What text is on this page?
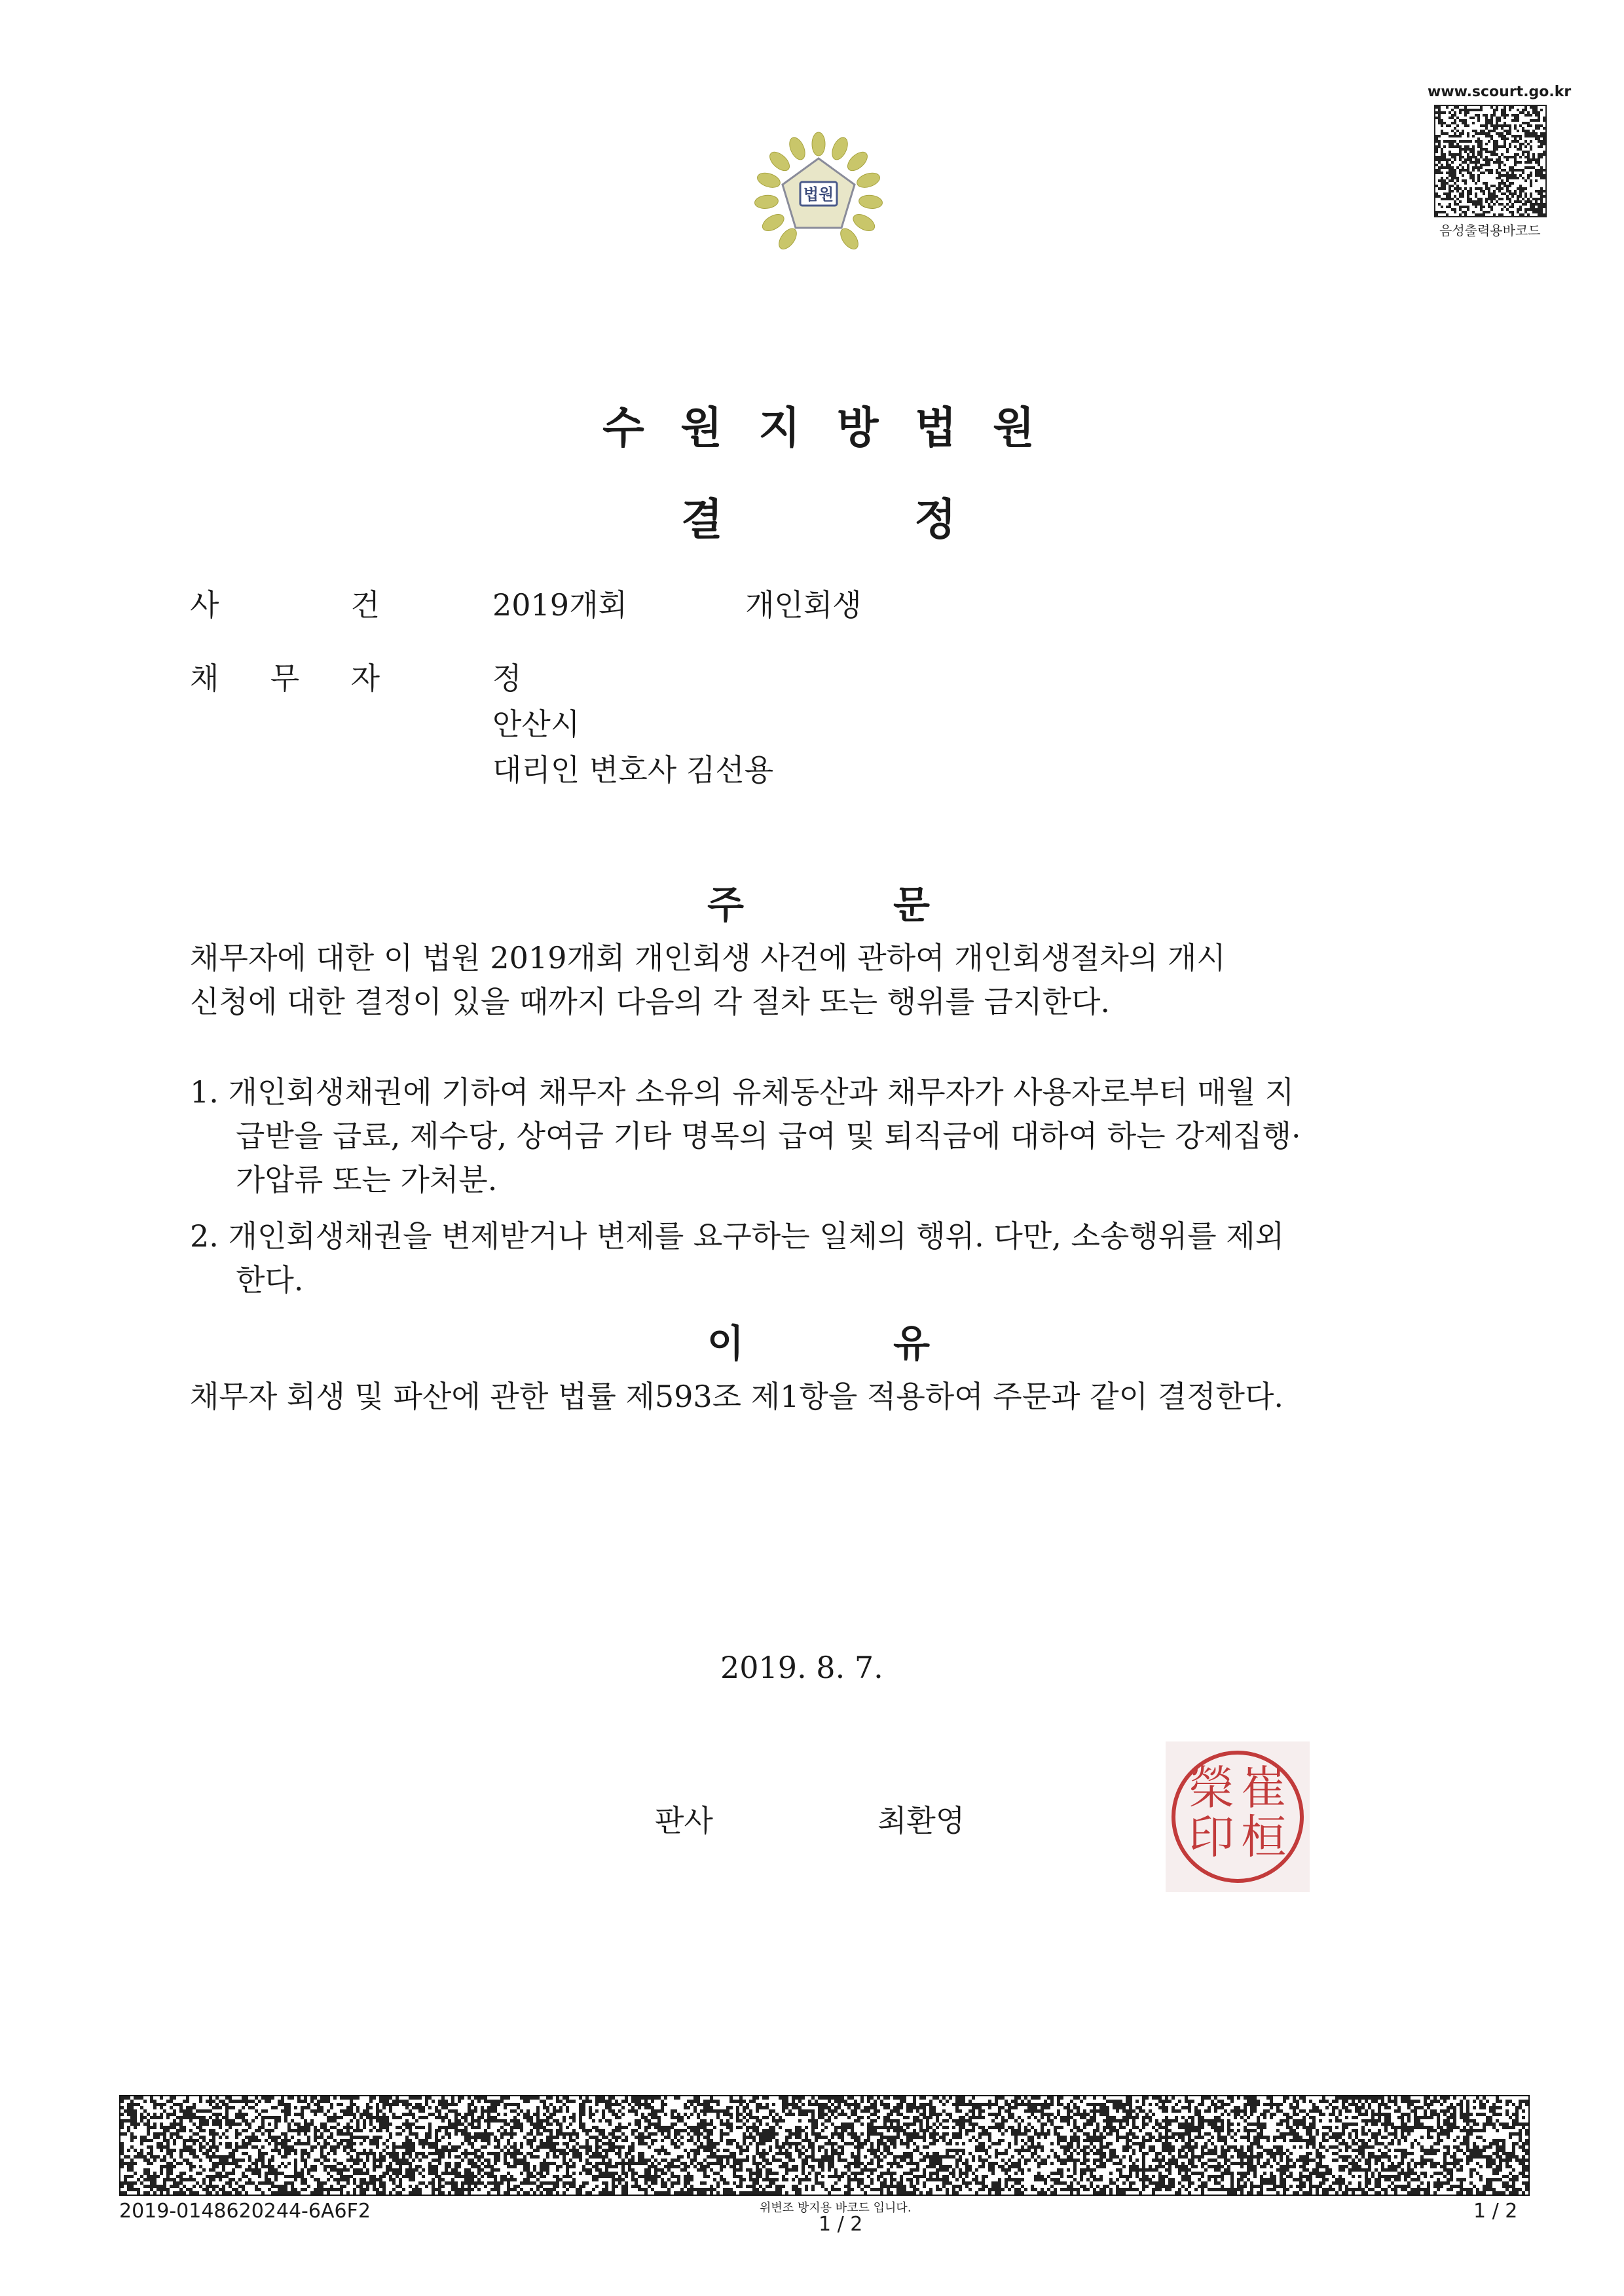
법원
www.scourt.go.kr
음성출력용바코드
수 원 지 방 법 원
결	정
사	건	2019개회	개인회생
채 무 자	정
안산시
대리인 변호사 김선용
주	문
채무자에 대한 이 법원 2019개회 개인회생 사건에 관하여 개인회생절차의 개시
신청에 대한 결정이 있을 때까지 다음의 각 절차 또는 행위를 금지한다.
1. 개인회생채권에 기하여 채무자 소유의 유체동산과 채무자가 사용자로부터 매월 지
급받을 급료, 제수당, 상여금 기타 명목의 급여 및 퇴직금에 대하여 하는 강제집행·
가압류 또는 가처분.
2. 개인회생채권을 변제받거나 변제를 요구하는 일체의 행위. 다만, 소송행위를 제외
한다.
이	유
채무자 회생 및 파산에 관한 법률 제593조 제1항을 적용하여 주문과 같이 결정한다.
2019. 8. 7.
판사	최환영
崔
桓
榮
印
2019-0148620244-6A6F2	위변조 방지용 바코드 입니다.
1 / 2
1 / 2
